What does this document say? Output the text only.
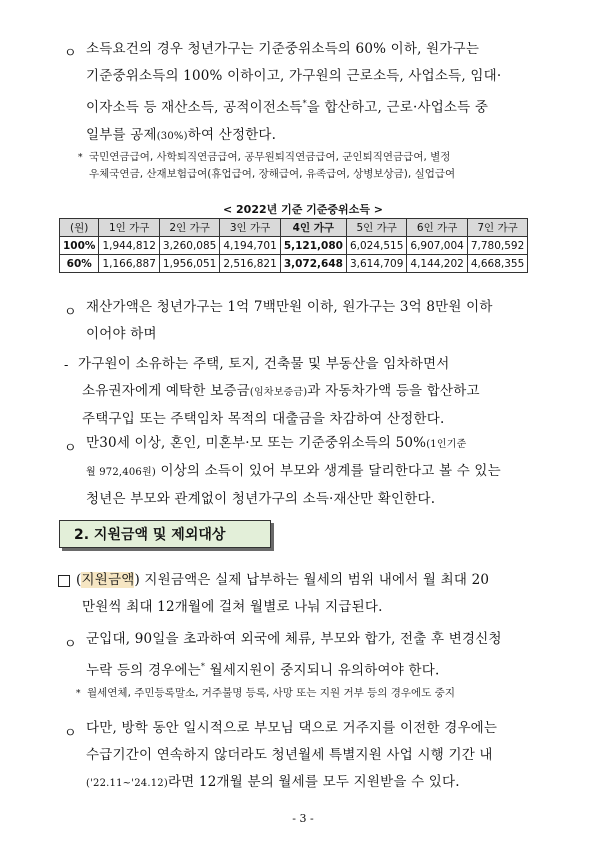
ㅇ 소득요건의 경우 청년가구는 기준중위소득의 60% 이하, 원가구는
기준중위소득의 100% 이하이고, 가구원의 근로소득, 사업소득, 임대·
이자소득 등 재산소득, 공적이전소득*을 합산하고, 근로·사업소득 중
일부를 공제(30%)하여 산정한다.
* 국민연금급여, 사학퇴직연금급여, 공무원퇴직연금급여, 군인퇴직연금급여, 별정
우체국연금, 산재보험급여(휴업급여, 장해급여, 유족급여, 상병보상금), 실업급여
< 2022년 기준 기준중위소득 >
(원)	1인 가구	2인 가구	3인 가구	4인 가구	5인 가구	6인 가구	7인 가구
100%	1,944,812	3,260,085	4,194,701	5,121,080	6,024,515	6,907,004	7,780,592
60%	1,166,887	1,956,051	2,516,821	3,072,648	3,614,709	4,144,202	4,668,355
ㅇ 재산가액은 청년가구는 1억 7백만원 이하, 원가구는 3억 8만원 이하
이어야 하며
- 가구원이 소유하는 주택, 토지, 건축물 및 부동산을 임차하면서
소유권자에게 예탁한 보증금(임차보증금)과 자동차가액 등을 합산하고
주택구입 또는 주택임차 목적의 대출금을 차감하여 산정한다.
ㅇ 만30세 이상, 혼인, 미혼부·모 또는 기준중위소득의 50%(1인기준
월 972,406원) 이상의 소득이 있어 부모와 생계를 달리한다고 볼 수 있는
청년은 부모와 관계없이 청년가구의 소득·재산만 확인한다.
2. 지원금액 및 제외대상
(지원금액) 지원금액은 실제 납부하는 월세의 범위 내에서 월 최대 20
만원씩 최대 12개월에 걸쳐 월별로 나눠 지급된다.
ㅇ 군입대, 90일을 초과하여 외국에 체류, 부모와 합가, 전출 후 변경신청
누락 등의 경우에는* 월세지원이 중지되니 유의하여야 한다.
* 월세연체, 주민등록말소, 거주불명 등록, 사망 또는 지원 거부 등의 경우에도 중지
ㅇ 다만, 방학 동안 일시적으로 부모님 댁으로 거주지를 이전한 경우에는
수급기간이 연속하지 않더라도 청년월세 특별지원 사업 시행 기간 내
('22.11~'24.12)라면 12개월 분의 월세를 모두 지원받을 수 있다.
- 3 -
